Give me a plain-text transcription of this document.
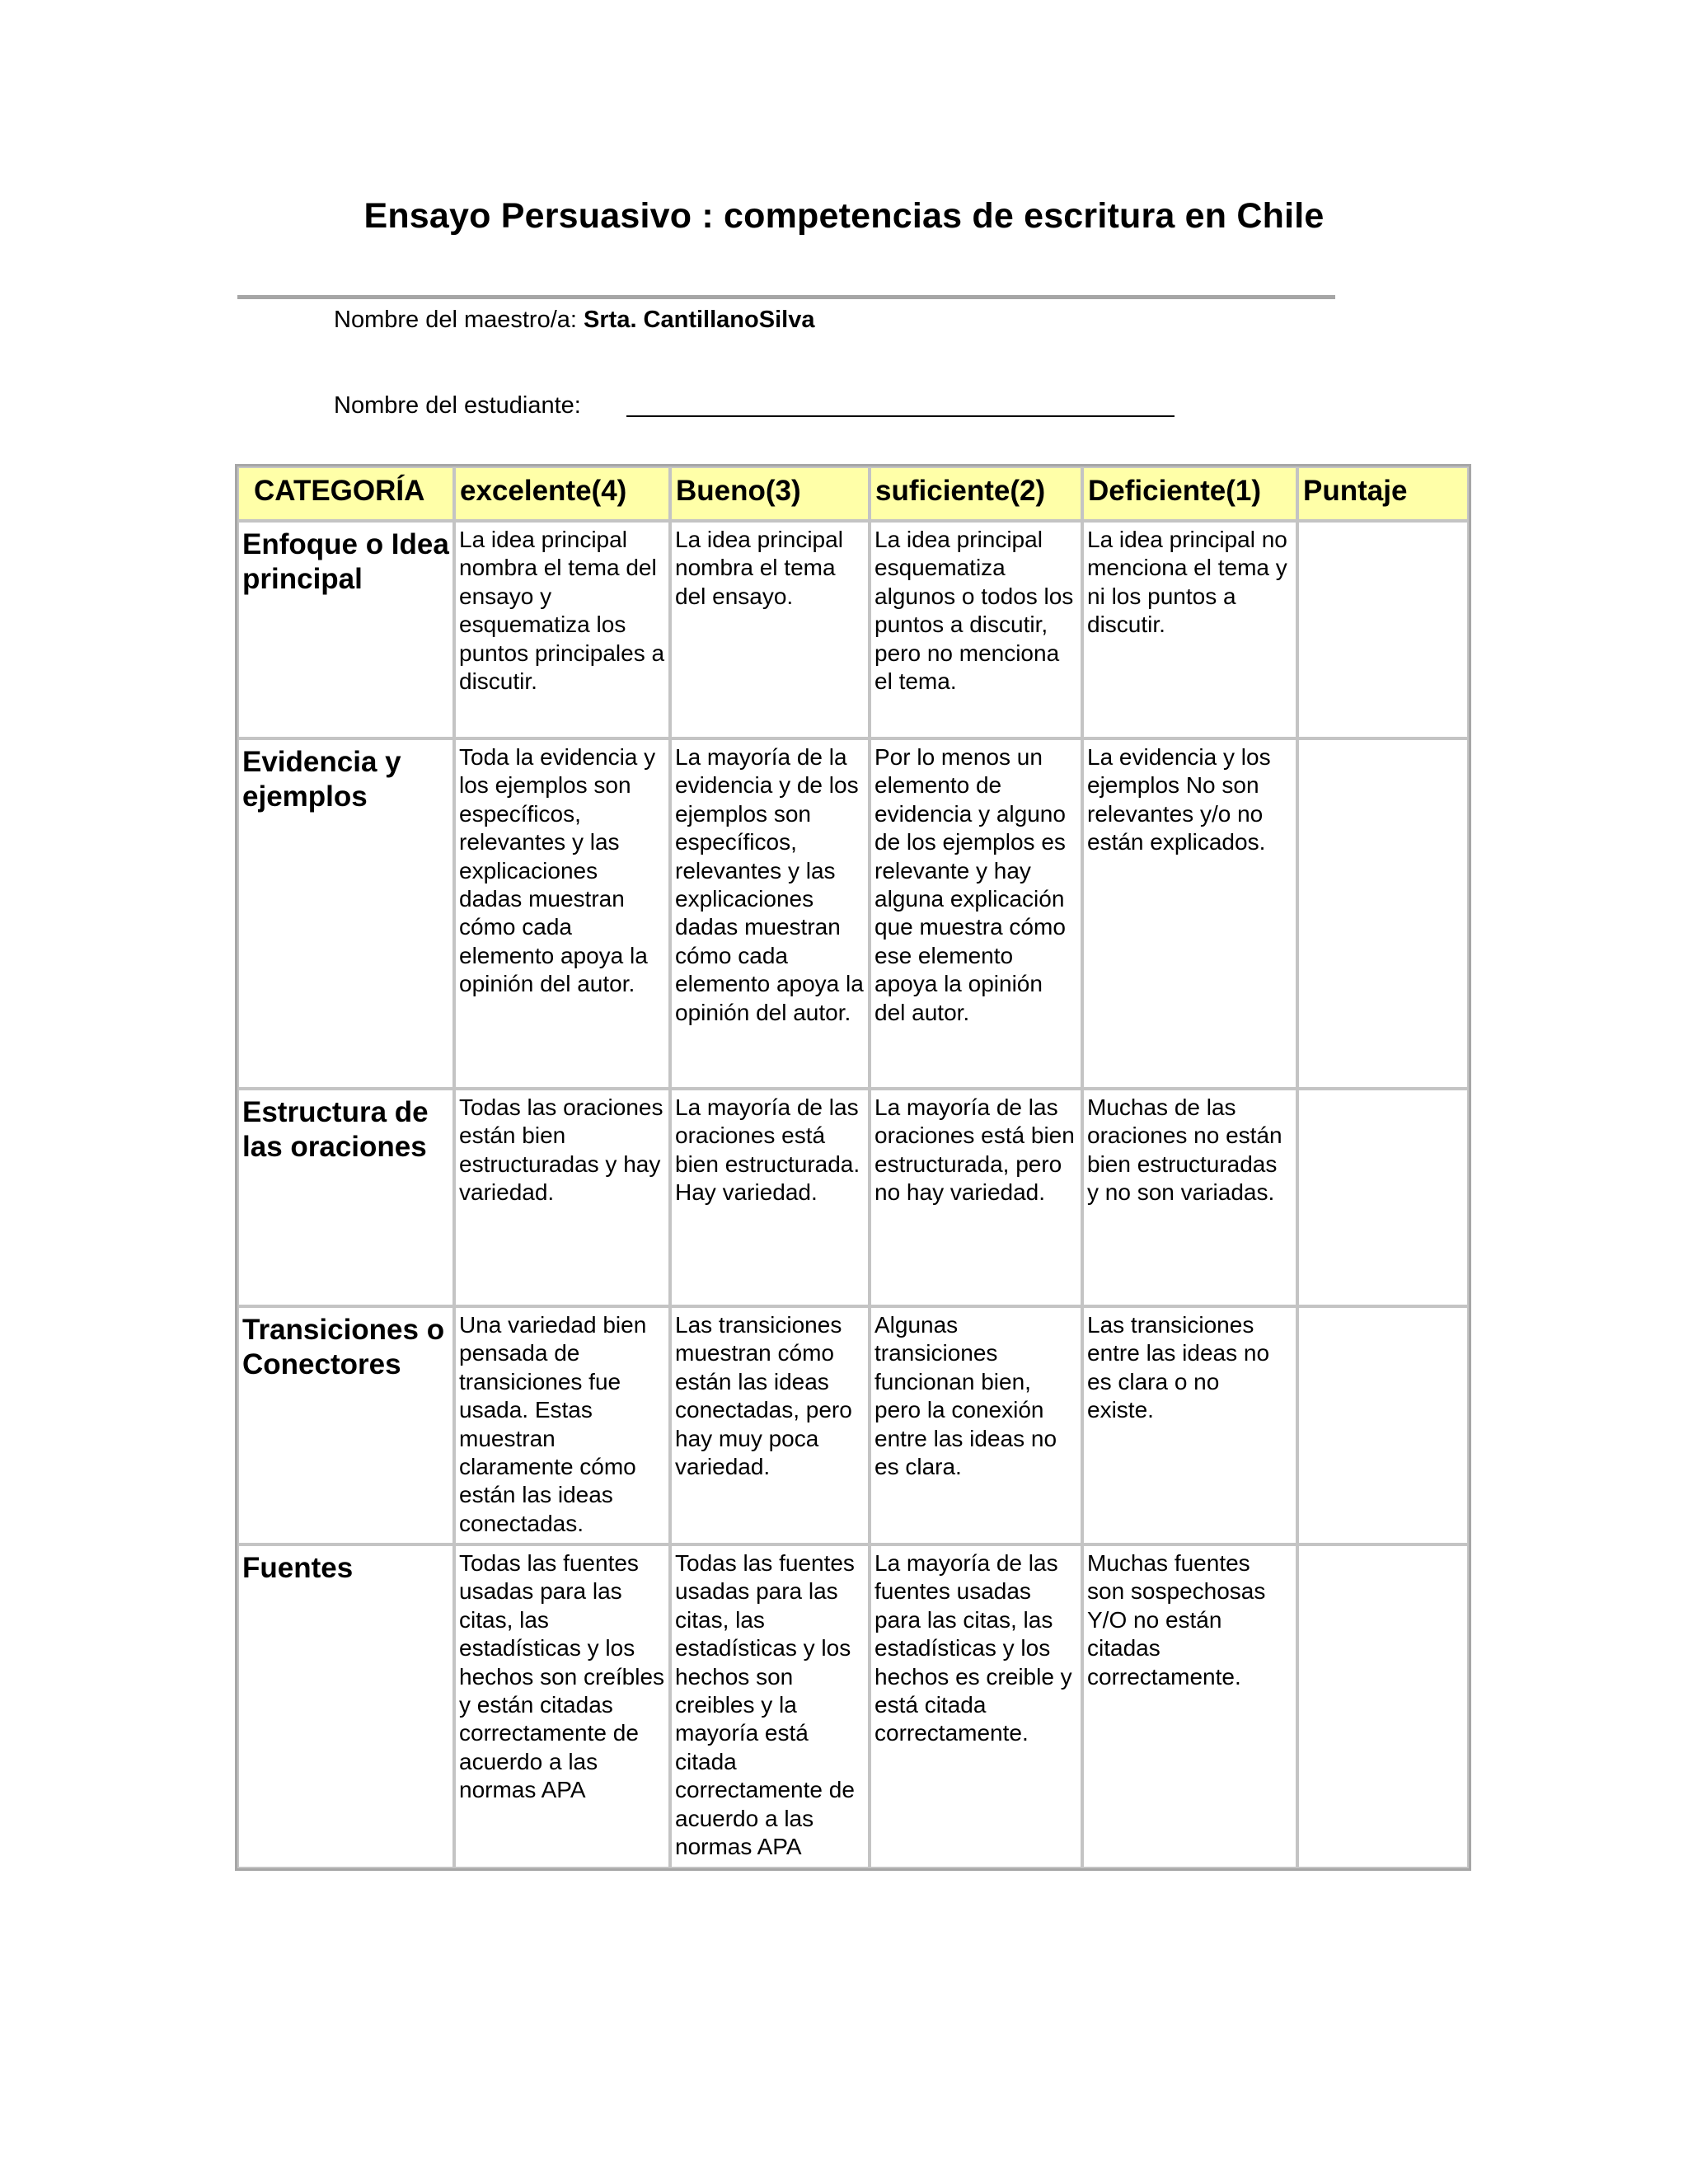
Ensayo Persuasivo : competencias de escritura en Chile
Nombre del maestro/a: Srta. CantillanoSilva
Nombre del estudiante:
CATEGORÍA	excelente(4)	Bueno(3)	suficiente(2)	Deficiente(1)	Puntaje
Enfoque o Idea principal	La idea principal nombra el tema del ensayo y esquematiza los puntos principales a discutir.	La idea principal nombra el tema del ensayo.	La idea principal esquematiza algunos o todos los puntos a discutir, pero no menciona el tema.	La idea principal no menciona el tema y ni los puntos a discutir.	
Evidencia y ejemplos	Toda la evidencia y los ejemplos son específicos, relevantes y las explicaciones dadas muestran cómo cada elemento apoya la opinión del autor.	La mayoría de la evidencia y de los ejemplos son específicos, relevantes y las explicaciones dadas muestran cómo cada elemento apoya la opinión del autor.	Por lo menos un elemento de evidencia y alguno de los ejemplos es relevante y hay alguna explicación que muestra cómo ese elemento apoya la opinión del autor.	La evidencia y los ejemplos No son relevantes y/o no están explicados.	
Estructura de las oraciones	Todas las oraciones están bien estructuradas y hay variedad.	La mayoría de las oraciones está bien estructurada. Hay variedad.	La mayoría de las oraciones está bien estructurada, pero no hay variedad.	Muchas de las oraciones no están bien estructuradas y no son variadas.	
Transiciones o Conectores	Una variedad bien pensada de transiciones fue usada. Estas muestran claramente cómo están las ideas conectadas.	Las transiciones muestran cómo están las ideas conectadas, pero hay muy poca variedad.	Algunas transiciones funcionan bien, pero la conexión entre las ideas no es clara.	Las transiciones entre las ideas no es clara o no existe.	
Fuentes	Todas las fuentes usadas para las citas, las estadísticas y los hechos son creíbles y están citadas correctamente de acuerdo a las normas APA	Todas las fuentes usadas para las citas, las estadísticas y los hechos son creibles y la mayoría está citada correctamente de acuerdo a las normas APA	La mayoría de las fuentes usadas para las citas, las estadísticas y los hechos es creible y está citada correctamente.	Muchas fuentes son sospechosas Y/O no están citadas correctamente.	
